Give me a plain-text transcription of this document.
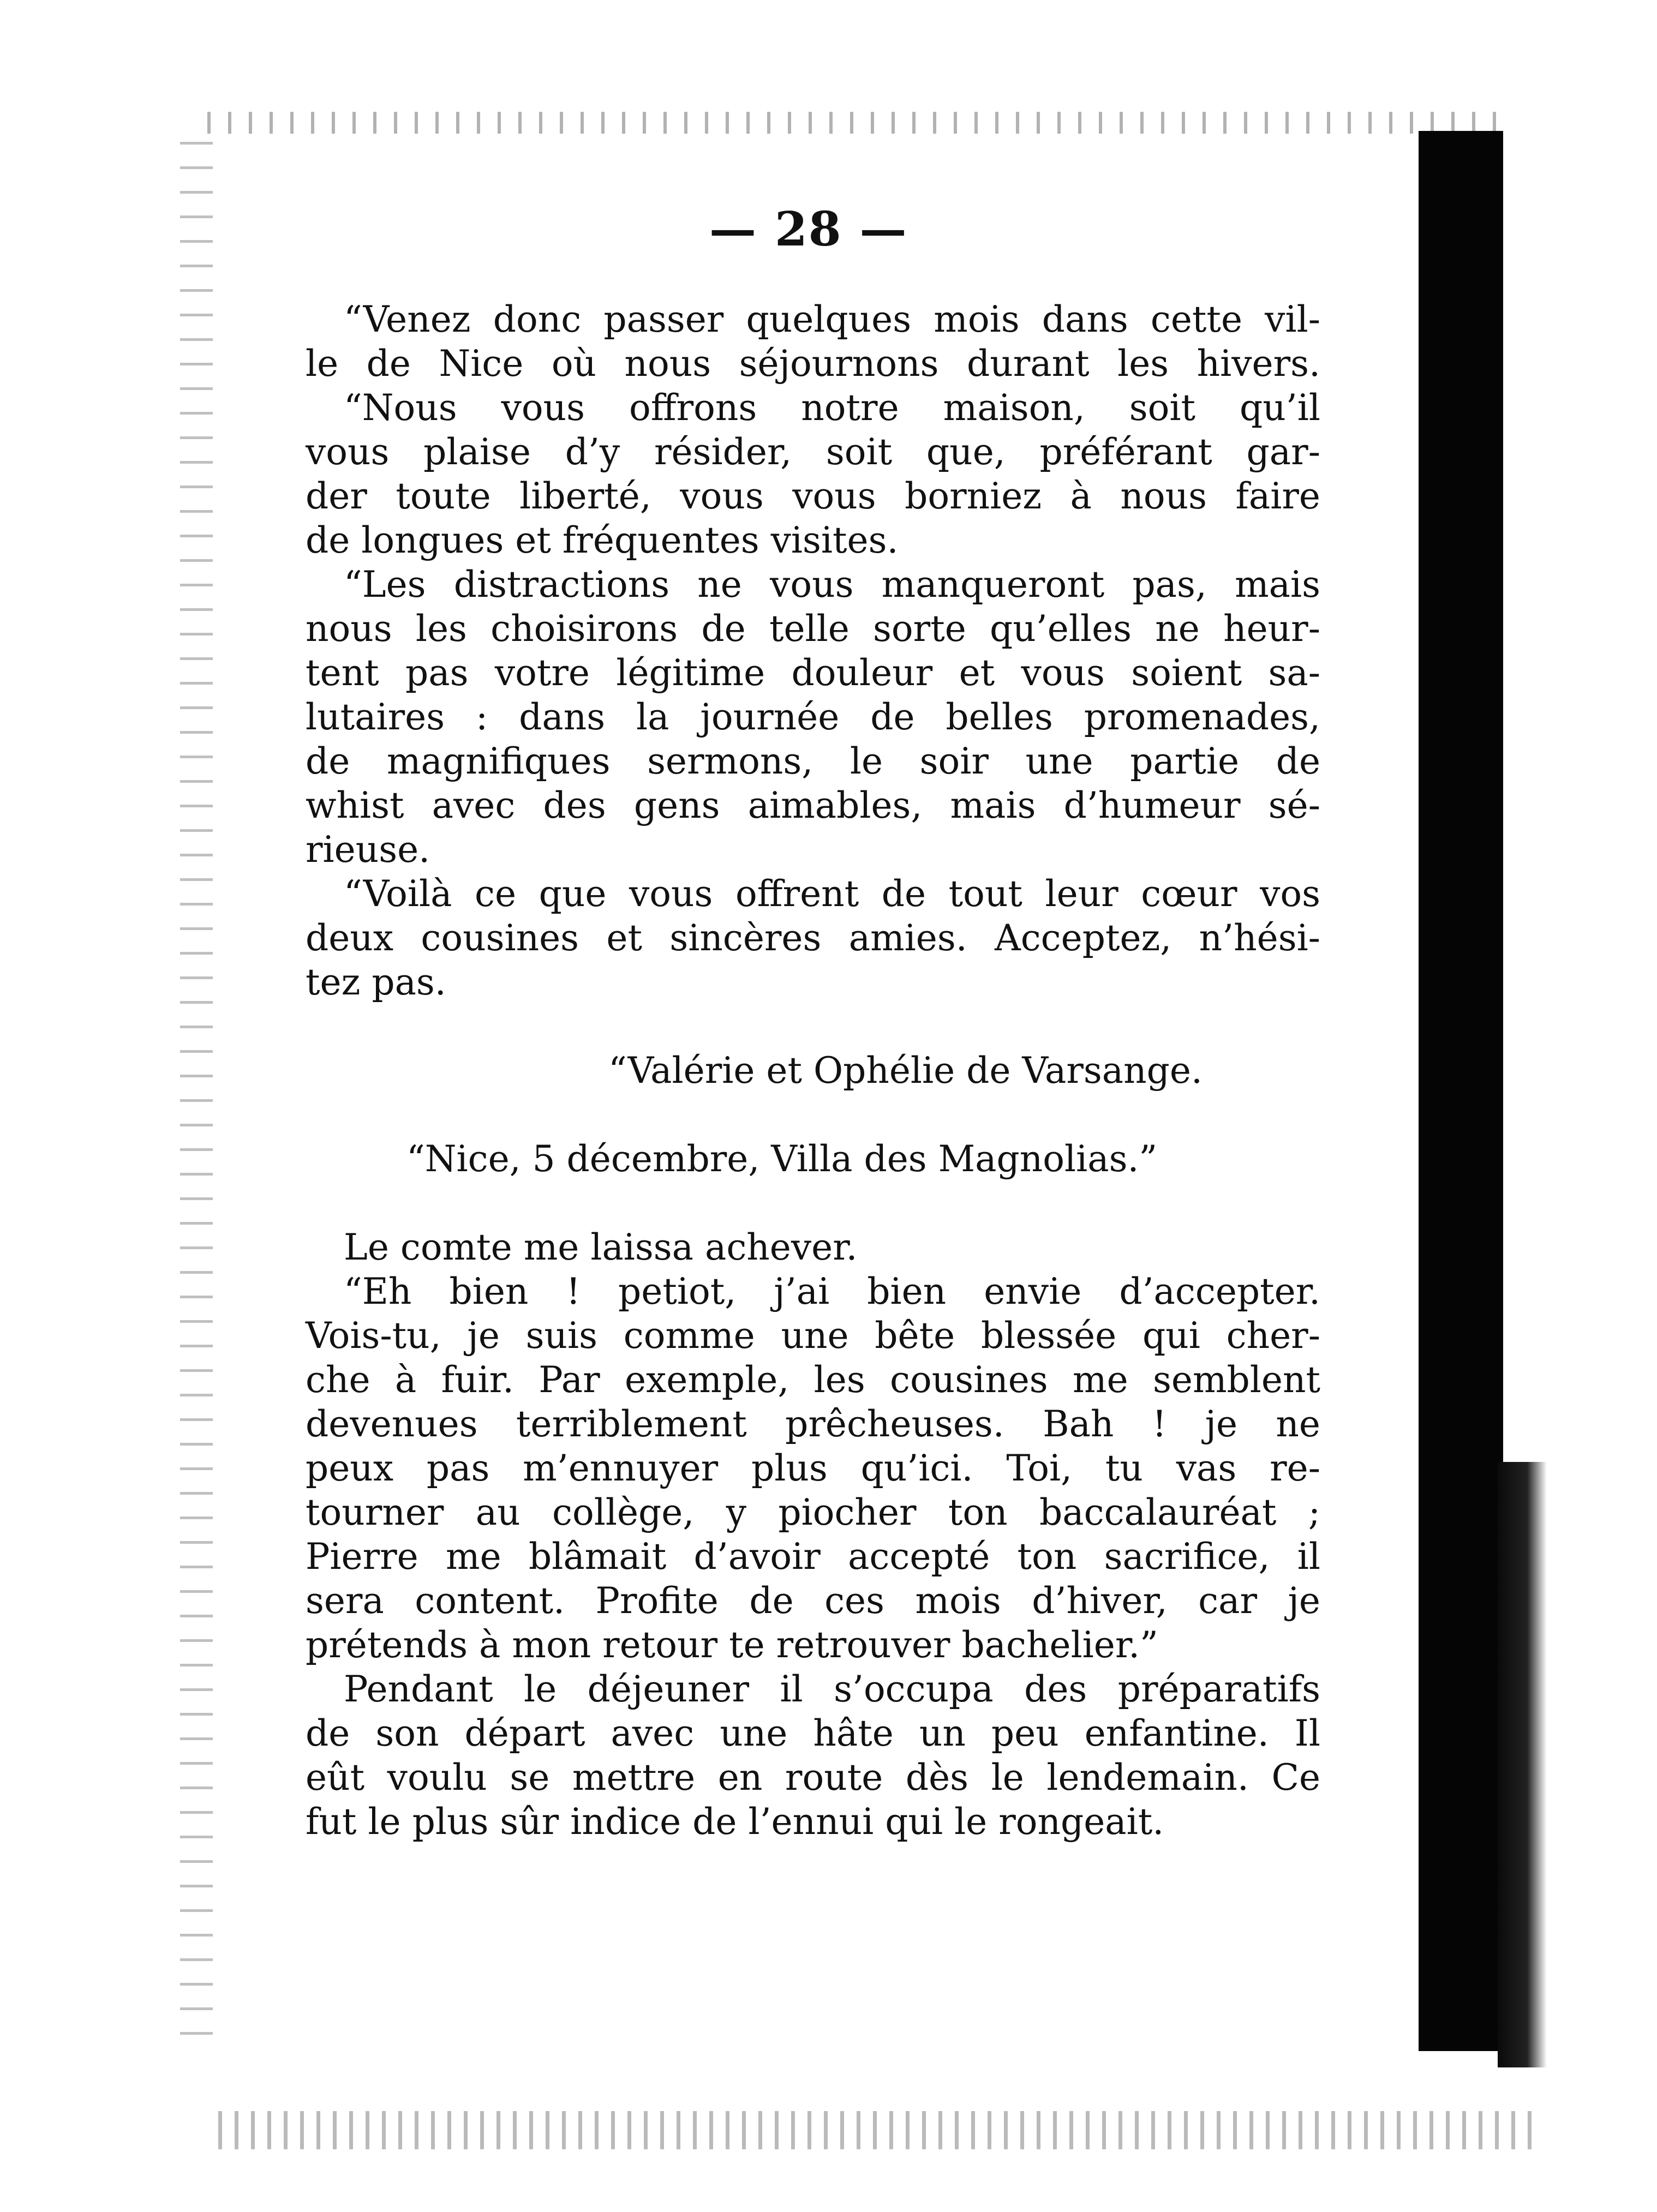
— 28 —
“Venez donc passer quelques mois dans cette vil-
le de Nice où nous séjournons durant les hivers.
“Nous vous offrons notre maison, soit qu’il
vous plaise d’y résider, soit que, préférant gar-
der toute liberté, vous vous borniez à nous faire
de longues et fréquentes visites.
“Les distractions ne vous manqueront pas, mais
nous les choisirons de telle sorte qu’elles ne heur-
tent pas votre légitime douleur et vous soient sa-
lutaires : dans la journée de belles promenades,
de magnifiques sermons, le soir une partie de
whist avec des gens aimables, mais d’humeur sé-
rieuse.
“Voilà ce que vous offrent de tout leur cœur vos
deux cousines et sincères amies. Acceptez, n’hési-
tez pas.
“Valérie et Ophélie de Varsange.
“Nice, 5 décembre, Villa des Magnolias.”
Le comte me laissa achever.
“Eh bien ! petiot, j’ai bien envie d’accepter.
Vois-tu, je suis comme une bête blessée qui cher-
che à fuir. Par exemple, les cousines me semblent
devenues terriblement prêcheuses. Bah ! je ne
peux pas m’ennuyer plus qu’ici. Toi, tu vas re-
tourner au collège, y piocher ton baccalauréat ;
Pierre me blâmait d’avoir accepté ton sacrifice, il
sera content. Profite de ces mois d’hiver, car je
prétends à mon retour te retrouver bachelier.”
Pendant le déjeuner il s’occupa des préparatifs
de son départ avec une hâte un peu enfantine. Il
eût voulu se mettre en route dès le lendemain. Ce
fut le plus sûr indice de l’ennui qui le rongeait.
